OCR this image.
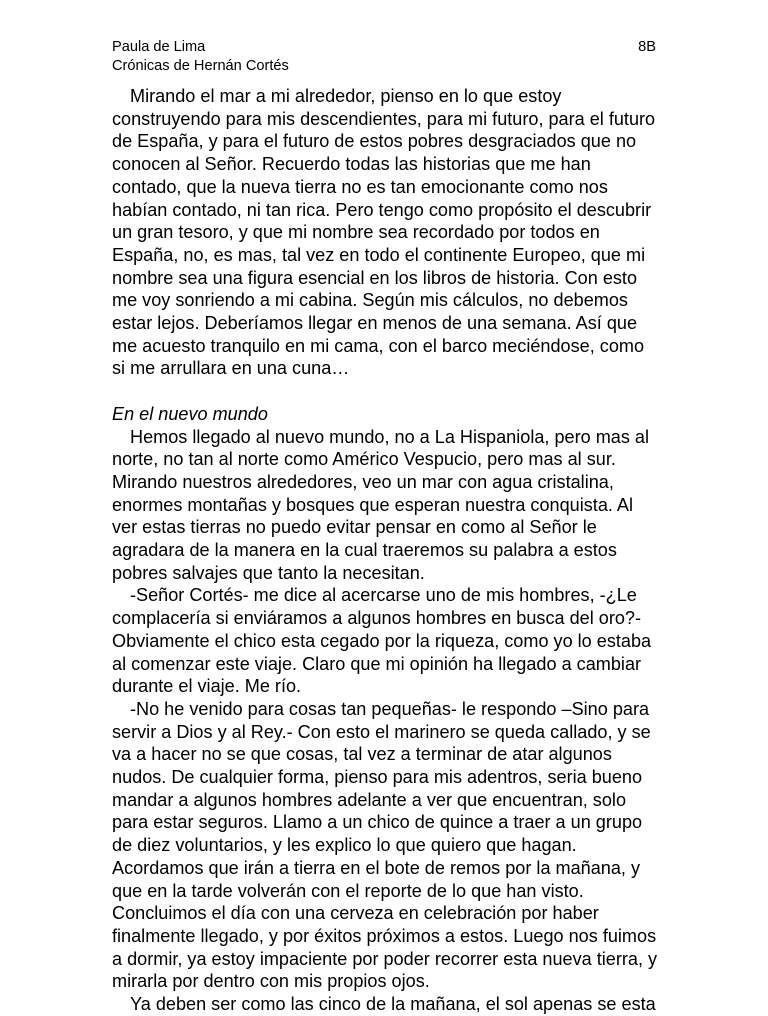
Paula de Lima
Crónicas de Hernán Cortés
8B

Mirando el mar a mi alrededor, pienso en lo que estoy construyendo para mis descendientes, para mi futuro, para el futuro de España, y para el futuro de estos pobres desgraciados que no conocen al Señor. Recuerdo todas las historias que me han contado, que la nueva tierra no es tan emocionante como nos habían contado, ni tan rica. Pero tengo como propósito el descubrir un gran tesoro, y que mi nombre sea recordado por todos en España, no, es mas, tal vez en todo el continente Europeo, que mi nombre sea una figura esencial en los libros de historia. Con esto me voy sonriendo a mi cabina. Según mis cálculos, no debemos estar lejos. Deberíamos llegar en menos de una semana. Así que me acuesto tranquilo en mi cama, con el barco meciéndose, como si me arrullara en una cuna…

En el nuevo mundo

Hemos llegado al nuevo mundo, no a La Hispaniola, pero mas al norte, no tan al norte como Américo Vespucio, pero mas al sur. Mirando nuestros alrededores, veo un mar con agua cristalina, enormes montañas y bosques que esperan nuestra conquista. Al ver estas tierras no puedo evitar pensar en como al Señor le agradara de la manera en la cual traeremos su palabra a estos pobres salvajes que tanto la necesitan.

-Señor Cortés- me dice al acercarse uno de mis hombres, -¿Le complacería si enviáramos a algunos hombres en busca del oro?- Obviamente el chico esta cegado por la riqueza, como yo lo estaba al comenzar este viaje. Claro que mi opinión ha llegado a cambiar durante el viaje. Me río.

-No he venido para cosas tan pequeñas- le respondo –Sino para servir a Dios y al Rey.- Con esto el marinero se queda callado, y se va a hacer no se que cosas, tal vez a terminar de atar algunos nudos. De cualquier forma, pienso para mis adentros, seria bueno mandar a algunos hombres adelante a ver que encuentran, solo para estar seguros. Llamo a un chico de quince a traer a un grupo de diez voluntarios, y les explico lo que quiero que hagan. Acordamos que irán a tierra en el bote de remos por la mañana, y que en la tarde volverán con el reporte de lo que han visto. Concluimos el día con una cerveza en celebración por haber finalmente llegado, y por éxitos próximos a estos. Luego nos fuimos a dormir, ya estoy impaciente por poder recorrer esta nueva tierra, y mirarla por dentro con mis propios ojos.

Ya deben ser como las cinco de la mañana, el sol apenas se esta
